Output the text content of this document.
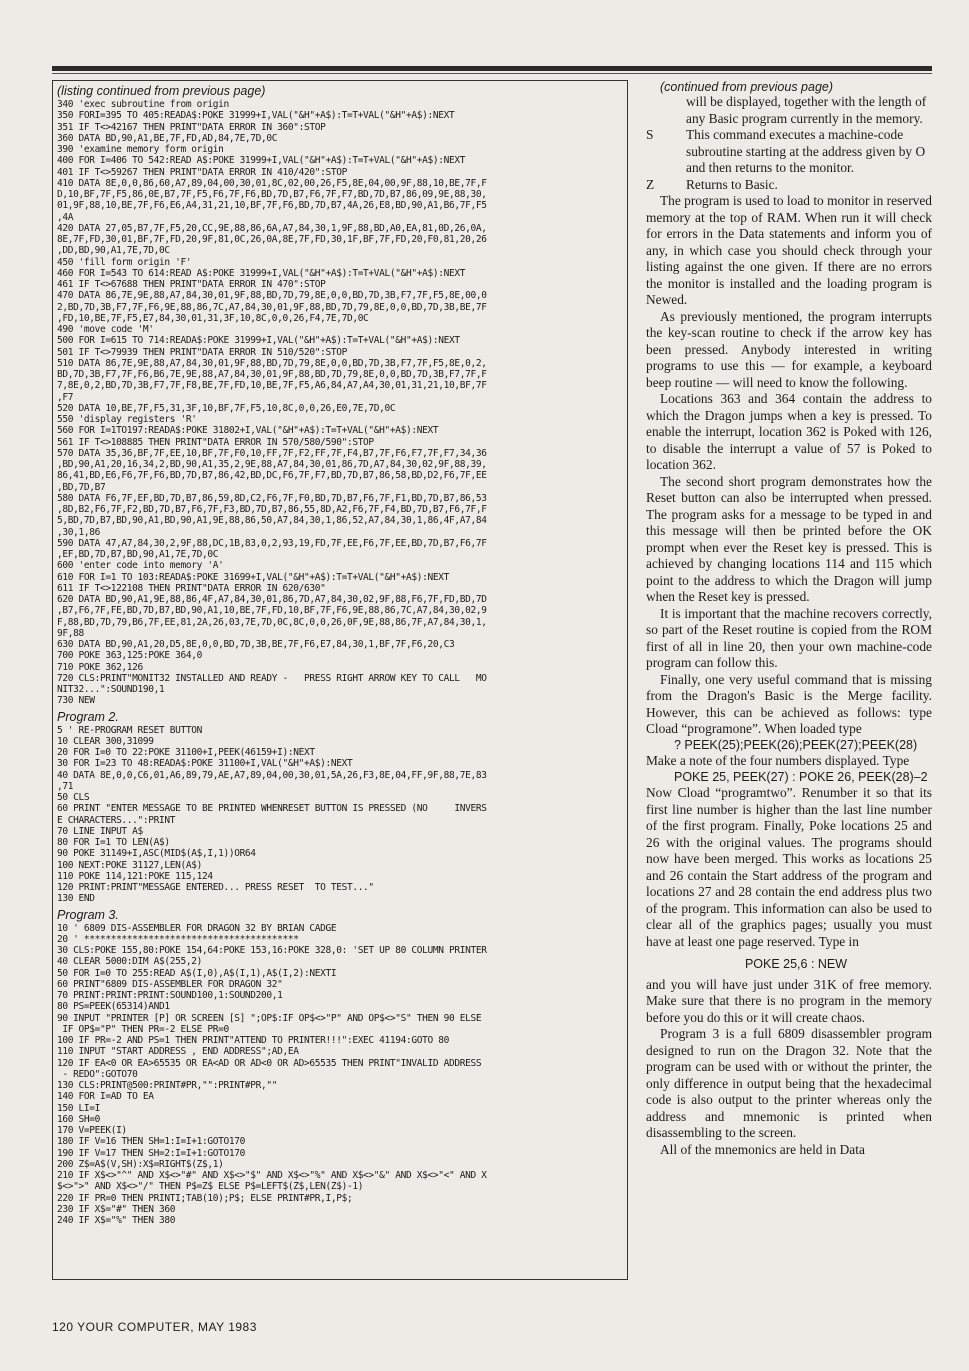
(listing continued from previous page)

340 'exec subroutine from origin
350 FORI=395 TO 405:READA$:POKE 31999+I,VAL("&H"+A$):T=T+VAL("&H"+A$):NEXT
351 IF T<>42167 THEN PRINT"DATA ERROR IN 360":STOP
360 DATA BD,90,A1,BE,7F,FD,AD,84,7E,7D,0C
390 'examine memory form origin
400 FOR I=406 TO 542:READ A$:POKE 31999+I,VAL("&H"+A$):T=T+VAL("&H"+A$):NEXT
401 IF T<>59267 THEN PRINT"DATA ERROR IN 410/420":STOP
410 DATA 8E,0,0,86,60,A7,89,04,00,30,01,8C,02,00,26,F5,8E,04,00,9F,88,10,BE,7F,F
D,10,BF,7F,F5,86,0E,B7,7F,F5,F6,7F,F6,BD,7D,B7,F6,7F,F7,BD,7D,B7,86,09,9E,88,30,
01,9F,88,10,BE,7F,F6,E6,A4,31,21,10,BF,7F,F6,BD,7D,B7,4A,26,E8,BD,90,A1,B6,7F,F5
,4A
420 DATA 27,05,B7,7F,F5,20,CC,9E,88,86,6A,A7,84,30,1,9F,88,BD,A0,EA,81,0D,26,0A,
8E,7F,FD,30,01,BF,7F,FD,20,9F,81,0C,26,0A,8E,7F,FD,30,1F,BF,7F,FD,20,F0,81,20,26
,DD,BD,90,A1,7E,7D,0C
450 'fill form origin 'F'
460 FOR I=543 TO 614:READ A$:POKE 31999+I,VAL("&H"+A$):T=T+VAL("&H"+A$):NEXT
461 IF T<>67688 THEN PRINT"DATA ERROR IN 470":STOP
470 DATA 86,7E,9E,88,A7,84,30,01,9F,88,BD,7D,79,8E,0,0,BD,7D,3B,F7,7F,F5,8E,00,0
2,BD,7D,3B,F7,7F,F6,9E,88,86,7C,A7,84,30,01,9F,88,BD,7D,79,8E,0,0,BD,7D,3B,BE,7F
,FD,10,BE,7F,F5,E7,84,30,01,31,3F,10,8C,0,0,26,F4,7E,7D,0C
490 'move code 'M'
500 FOR I=615 TO 714:READA$:POKE 31999+I,VAL("&H"+A$):T=T+VAL("&H"+A$):NEXT
501 IF T<>79939 THEN PRINT"DATA ERROR IN 510/520":STOP
510 DATA 86,7E,9E,88,A7,84,30,01,9F,88,BD,7D,79,8E,0,0,BD,7D,3B,F7,7F,F5,8E,0,2,
BD,7D,3B,F7,7F,F6,B6,7E,9E,88,A7,84,30,01,9F,88,BD,7D,79,8E,0,0,BD,7D,3B,F7,7F,F
7,8E,0,2,BD,7D,3B,F7,7F,F8,BE,7F,FD,10,BE,7F,F5,A6,84,A7,A4,30,01,31,21,10,BF,7F
,F7
520 DATA 10,BE,7F,F5,31,3F,10,BF,7F,F5,10,8C,0,0,26,E0,7E,7D,0C
550 'display registers 'R'
560 FOR I=1TO197:READA$:POKE 31802+I,VAL("&H"+A$):T=T+VAL("&H"+A$):NEXT
561 IF T<>108885 THEN PRINT"DATA ERROR IN 570/580/590":STOP
570 DATA 35,36,BF,7F,EE,10,BF,7F,F0,10,FF,7F,F2,FF,7F,F4,B7,7F,F6,F7,7F,F7,34,36
,BD,90,A1,20,16,34,2,BD,90,A1,35,2,9E,88,A7,84,30,01,86,7D,A7,84,30,02,9F,88,39,
86,41,BD,E6,F6,7F,F6,BD,7D,B7,86,42,BD,DC,F6,7F,F7,BD,7D,B7,86,58,BD,D2,F6,7F,EE
,BD,7D,B7
580 DATA F6,7F,EF,BD,7D,B7,86,59,8D,C2,F6,7F,F0,BD,7D,B7,F6,7F,F1,BD,7D,B7,86,53
,8D,B2,F6,7F,F2,BD,7D,B7,F6,7F,F3,BD,7D,B7,86,55,8D,A2,F6,7F,F4,BD,7D,B7,F6,7F,F
5,BD,7D,B7,BD,90,A1,BD,90,A1,9E,88,86,50,A7,84,30,1,86,52,A7,84,30,1,86,4F,A7,84
,30,1,86
590 DATA 47,A7,84,30,2,9F,88,DC,1B,83,0,2,93,19,FD,7F,EE,F6,7F,EE,BD,7D,B7,F6,7F
,EF,BD,7D,B7,BD,90,A1,7E,7D,0C
600 'enter code into memory 'A'
610 FOR I=1 TO 103:READA$:POKE 31699+I,VAL("&H"+A$):T=T+VAL("&H"+A$):NEXT
611 IF T<>122108 THEN PRINT"DATA ERROR IN 620/630"
620 DATA BD,90,A1,9E,88,86,4F,A7,84,30,01,86,7D,A7,84,30,02,9F,88,F6,7F,FD,BD,7D
,B7,F6,7F,FE,BD,7D,B7,BD,90,A1,10,BE,7F,FD,10,BF,7F,F6,9E,88,86,7C,A7,84,30,02,9
F,88,BD,7D,79,B6,7F,EE,81,2A,26,03,7E,7D,0C,8C,0,0,26,0F,9E,88,86,7F,A7,84,30,1,
9F,88
630 DATA BD,90,A1,20,D5,8E,0,0,BD,7D,3B,BE,7F,F6,E7,84,30,1,BF,7F,F6,20,C3
700 POKE 363,125:POKE 364,0
710 POKE 362,126
720 CLS:PRINT"MONIT32 INSTALLED AND READY -   PRESS RIGHT ARROW KEY TO CALL   MO
NIT32...":SOUND190,1
730 NEW

Program 2.

5 ' RE-PROGRAM RESET BUTTON
10 CLEAR 300,31099
20 FOR I=0 TO 22:POKE 31100+I,PEEK(46159+I):NEXT
30 FOR I=23 TO 48:READA$:POKE 31100+I,VAL("&H"+A$):NEXT
40 DATA 8E,0,0,C6,01,A6,89,79,AE,A7,89,04,00,30,01,5A,26,F3,8E,04,FF,9F,88,7E,83
,71
50 CLS
60 PRINT "ENTER MESSAGE TO BE PRINTED WHENRESET BUTTON IS PRESSED (NO     INVERS
E CHARACTERS...":PRINT
70 LINE INPUT A$
80 FOR I=1 TO LEN(A$)
90 POKE 31149+I,ASC(MID$(A$,I,1))OR64
100 NEXT:POKE 31127,LEN(A$)
110 POKE 114,121:POKE 115,124
120 PRINT:PRINT"MESSAGE ENTERED... PRESS RESET  TO TEST..."
130 END

Program 3.

10 ' 6809 DIS-ASSEMBLER FOR DRAGON 32 BY BRIAN CADGE
20 ' ****************************************
30 CLS:POKE 155,80:POKE 154,64:POKE 153,16:POKE 328,0: 'SET UP 80 COLUMN PRINTER
40 CLEAR 5000:DIM A$(255,2)
50 FOR I=0 TO 255:READ A$(I,0),A$(I,1),A$(I,2):NEXTI
60 PRINT"6809 DIS-ASSEMBLER FOR DRAGON 32"
70 PRINT:PRINT:PRINT:SOUND100,1:SOUND200,1
80 PS=PEEK(65314)AND1
90 INPUT "PRINTER [P] OR SCREEN [S] ";OP$:IF OP$<>"P" AND OP$<>"S" THEN 90 ELSE
IF OP$="P" THEN PR=-2 ELSE PR=0
100 IF PR=-2 AND PS=1 THEN PRINT"ATTEND TO PRINTER!!!":EXEC 41194:GOTO 80
110 INPUT "START ADDRESS , END ADDRESS";AD,EA
120 IF EA<0 OR EA>65535 OR EA<AD OR AD<0 OR AD>65535 THEN PRINT"INVALID ADDRESS
- REDO":GOTO70
130 CLS:PRINT@500:PRINT#PR,"":PRINT#PR,""
140 FOR I=AD TO EA
150 LI=I
160 SH=0
170 V=PEEK(I)
180 IF V=16 THEN SH=1:I=I+1:GOTO170
190 IF V=17 THEN SH=2:I=I+1:GOTO170
200 Z$=A$(V,SH):X$=RIGHT$(Z$,1)
210 IF X$<>"^" AND X$<>"#" AND X$<>"$" AND X$<>"%" AND X$<>"&" AND X$<>"<" AND X
$<>">" AND X$<>"/" THEN P$=Z$ ELSE P$=LEFT$(Z$,LEN(Z$)-1)
220 IF PR=0 THEN PRINTI;TAB(10);P$; ELSE PRINT#PR,I,P$;
230 IF X$="#" THEN 360
240 IF X$="%" THEN 380

(continued from previous page)

will be displayed, together with the length of any Basic program currently in the memory.
S	This command executes a machine-code subroutine starting at the address given by O and then returns to the monitor.
Z	Returns to Basic.

The program is used to load to monitor in reserved memory at the top of RAM. When run it will check for errors in the Data statements and inform you of any, in which case you should check through your listing against the one given. If there are no errors the monitor is installed and the loading program is Newed.

As previously mentioned, the program interrupts the key-scan routine to check if the arrow key has been pressed. Anybody interested in writing programs to use this — for example, a keyboard beep routine — will need to know the following.

Locations 363 and 364 contain the address to which the Dragon jumps when a key is pressed. To enable the interrupt, location 362 is Poked with 126, to disable the interrupt a value of 57 is Poked to location 362.

The second short program demonstrates how the Reset button can also be interrupted when pressed. The program asks for a message to be typed in and this message will then be printed before the OK prompt when ever the Reset key is pressed. This is achieved by changing locations 114 and 115 which point to the address to which the Dragon will jump when the Reset key is pressed.

It is important that the machine recovers correctly, so part of the Reset routine is copied from the ROM first of all in line 20, then your own machine-code program can follow this.

Finally, one very useful command that is missing from the Dragon's Basic is the Merge facility. However, this can be achieved as follows: type Cload “programone”. When loaded type

? PEEK(25);PEEK(26);PEEK(27);PEEK(28)

Make a note of the four numbers displayed. Type

POKE 25, PEEK(27) : POKE 26, PEEK(28)–2

Now Cload “programtwo”. Renumber it so that its first line number is higher than the last line number of the first program. Finally, Poke locations 25 and 26 with the original values. The programs should now have been merged. This works as locations 25 and 26 contain the Start address of the program and locations 27 and 28 contain the end address plus two of the program. This information can also be used to clear all of the graphics pages; usually you must have at least one page reserved. Type in

POKE 25,6 : NEW

and you will have just under 31K of free memory. Make sure that there is no program in the memory before you do this or it will create chaos.

Program 3 is a full 6809 disassembler program designed to run on the Dragon 32. Note that the program can be used with or without the printer, the only difference in output being that the hexadecimal code is also output to the printer whereas only the address and mnemonic is printed when disassembling to the screen.

All of the mnemonics are held in Data

120 YOUR COMPUTER, MAY 1983
